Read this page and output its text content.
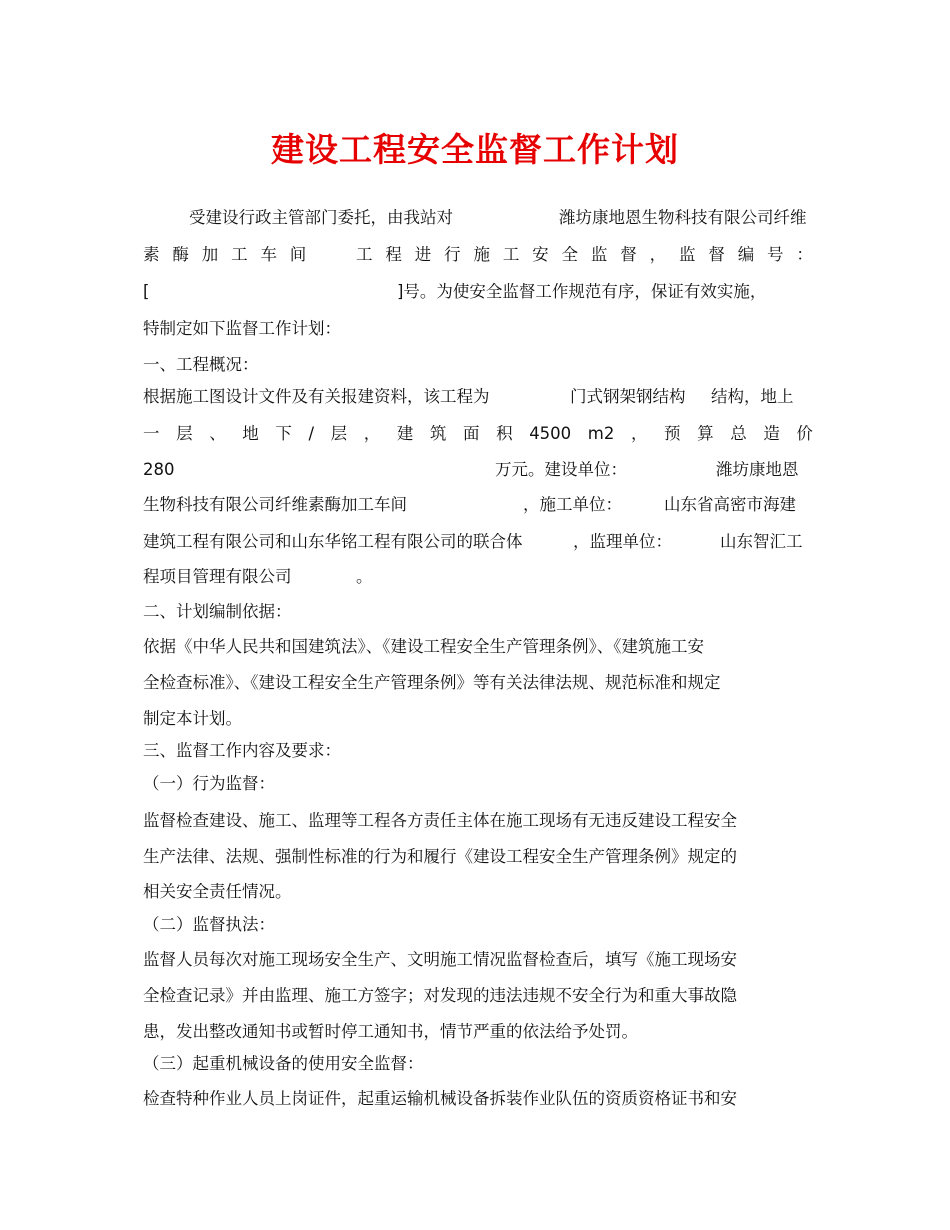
建设工程安全监督工作计划
受建设行政主管部门委托，由我站对	潍坊康地恩生物科技有限公司纤维
素 酶 加 工 车 间	工 程 进 行 施 工 安 全 监 督 ， 监 督 编 号 ：
[	]号。为使安全监督工作规范有序，保证有效实施，
特制定如下监督工作计划：
一、工程概况：
根据施工图设计文件及有关报建资料，该工程为	门式钢架钢结构 结构，地上
一 层 、 地 下 / 层 ， 建 筑 面 积 4500 m2 ， 预 算 总 造 价
280	万元。建设单位：	潍坊康地恩
生物科技有限公司纤维素酶加工车间	，施工单位：	山东省高密市海建
建筑工程有限公司和山东华铭工程有限公司的联合体	，监理单位：	山东智汇工
程项目管理有限公司	。
二、计划编制依据：
依据《中华人民共和国建筑法》、《建设工程安全生产管理条例》、《建筑施工安
全检查标准》、《建设工程安全生产管理条例》等有关法律法规、规范标准和规定
制定本计划。
三、监督工作内容及要求：
（一）行为监督：
监督检查建设、施工、监理等工程各方责任主体在施工现场有无违反建设工程安全
生产法律、法规、强制性标准的行为和履行《建设工程安全生产管理条例》规定的
相关安全责任情况。
（二）监督执法：
监督人员每次对施工现场安全生产、文明施工情况监督检查后，填写《施工现场安
全检查记录》并由监理、施工方签字；对发现的违法违规不安全行为和重大事故隐
患，发出整改通知书或暂时停工通知书，情节严重的依法给予处罚。
（三）起重机械设备的使用安全监督：
检查特种作业人员上岗证件，起重运输机械设备拆装作业队伍的资质资格证书和安
